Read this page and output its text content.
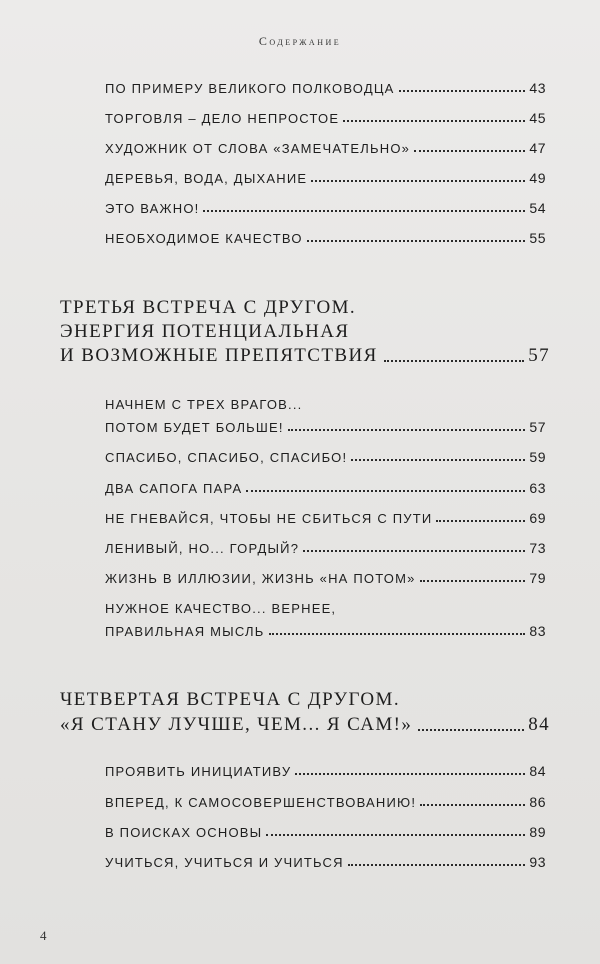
Содержание
ПО ПРИМЕРУ ВЕЛИКОГО ПОЛКОВОДЦА	43
ТОРГОВЛЯ – ДЕЛО НЕПРОСТОЕ	45
ХУДОЖНИК ОТ СЛОВА «ЗАМЕЧАТЕЛЬНО»	47
ДЕРЕВЬЯ, ВОДА, ДЫХАНИЕ	49
ЭТО ВАЖНО!	54
НЕОБХОДИМОЕ КАЧЕСТВО	55
ТРЕТЬЯ ВСТРЕЧА С ДРУГОМ.
ЭНЕРГИЯ ПОТЕНЦИАЛЬНАЯ
И ВОЗМОЖНЫЕ ПРЕПЯТСТВИЯ	57
НАЧНЕМ С ТРЕХ ВРАГОВ...
ПОТОМ БУДЕТ БОЛЬШЕ!	57
СПАСИБО, СПАСИБО, СПАСИБО!	59
ДВА САПОГА ПАРА	63
НЕ ГНЕВАЙСЯ, ЧТОБЫ НЕ СБИТЬСЯ С ПУТИ	69
ЛЕНИВЫЙ, НО... ГОРДЫЙ?	73
ЖИЗНЬ В ИЛЛЮЗИИ, ЖИЗНЬ «НА ПОТОМ»	79
НУЖНОЕ КАЧЕСТВО... ВЕРНЕЕ,
ПРАВИЛЬНАЯ МЫСЛЬ	83
ЧЕТВЕРТАЯ ВСТРЕЧА С ДРУГОМ.
«Я СТАНУ ЛУЧШЕ, ЧЕМ... Я САМ!»	84
ПРОЯВИТЬ ИНИЦИАТИВУ	84
ВПЕРЕД, К САМОСОВЕРШЕНСТВОВАНИЮ!	86
В ПОИСКАХ ОСНОВЫ	89
УЧИТЬСЯ, УЧИТЬСЯ И УЧИТЬСЯ	93
4
